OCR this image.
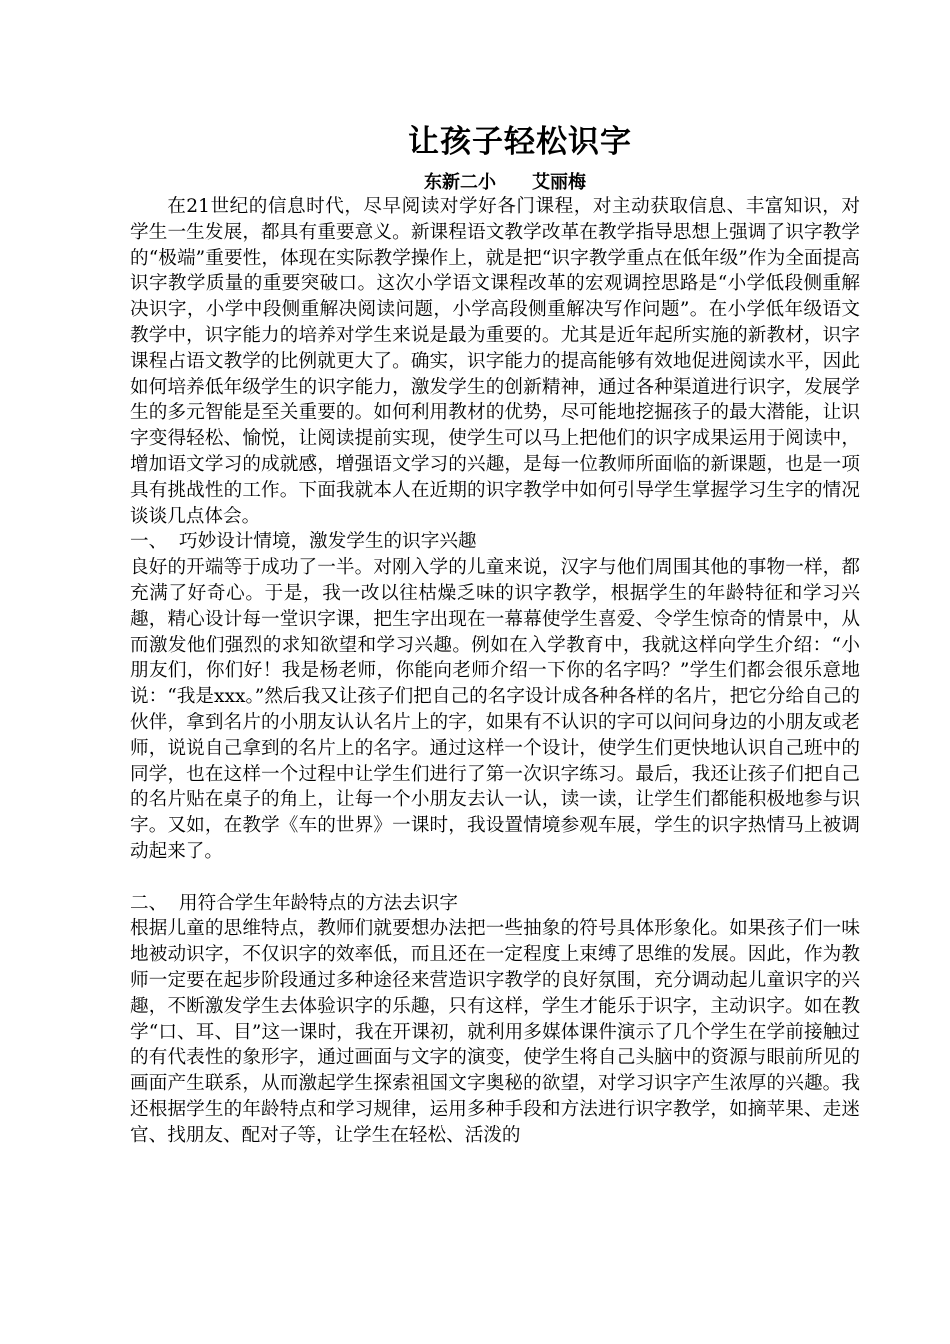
让孩子轻松识字
东新二小 艾丽梅

在21世纪的信息时代，尽早阅读对学好各门课程，对主动获取信息、丰富知识，对学生一生发展，都具有重要意义。新课程语文教学改革在教学指导思想上强调了识字教学的“极端”重要性，体现在实际教学操作上，就是把“识字教学重点在低年级”作为全面提高识字教学质量的重要突破口。这次小学语文课程改革的宏观调控思路是“小学低段侧重解决识字，小学中段侧重解决阅读问题，小学高段侧重解决写作问题”。在小学低年级语文教学中，识字能力的培养对学生来说是最为重要的。尤其是近年起所实施的新教材，识字课程占语文教学的比例就更大了。确实，识字能力的提高能够有效地促进阅读水平，因此如何培养低年级学生的识字能力，激发学生的创新精神，通过各种渠道进行识字，发展学生的多元智能是至关重要的。如何利用教材的优势，尽可能地挖掘孩子的最大潜能，让识字变得轻松、愉悦，让阅读提前实现，使学生可以马上把他们的识字成果运用于阅读中，增加语文学习的成就感，增强语文学习的兴趣，是每一位教师所面临的新课题，也是一项具有挑战性的工作。下面我就本人在近期的识字教学中如何引导学生掌握学习生字的情况谈谈几点体会。

一、  巧妙设计情境，激发学生的识字兴趣

良好的开端等于成功了一半。对刚入学的儿童来说，汉字与他们周围其他的事物一样，都充满了好奇心。于是，我一改以往枯燥乏味的识字教学，根据学生的年龄特征和学习兴趣，精心设计每一堂识字课，把生字出现在一幕幕使学生喜爱、令学生惊奇的情景中，从而激发他们强烈的求知欲望和学习兴趣。例如在入学教育中，我就这样向学生介绍：“小朋友们，你们好！我是杨老师，你能向老师介绍一下你的名字吗？”学生们都会很乐意地说：“我是xxx。”然后我又让孩子们把自己的名字设计成各种各样的名片，把它分给自己的伙伴，拿到名片的小朋友认认名片上的字，如果有不认识的字可以问问身边的小朋友或老师，说说自己拿到的名片上的名字。通过这样一个设计，使学生们更快地认识自己班中的同学，也在这样一个过程中让学生们进行了第一次识字练习。最后，我还让孩子们把自己的名片贴在桌子的角上，让每一个小朋友去认一认，读一读，让学生们都能积极地参与识字。又如，在教学《车的世界》一课时，我设置情境参观车展，学生的识字热情马上被调动起来了。

二、  用符合学生年龄特点的方法去识字

根据儿童的思维特点，教师们就要想办法把一些抽象的符号具体形象化。如果孩子们一味地被动识字，不仅识字的效率低，而且还在一定程度上束缚了思维的发展。因此，作为教师一定要在起步阶段通过多种途径来营造识字教学的良好氛围，充分调动起儿童识字的兴趣，不断激发学生去体验识字的乐趣，只有这样，学生才能乐于识字，主动识字。如在教学“口、耳、目”这一课时，我在开课初，就利用多媒体课件演示了几个学生在学前接触过的有代表性的象形字，通过画面与文字的演变，使学生将自己头脑中的资源与眼前所见的画面产生联系，从而激起学生探索祖国文字奥秘的欲望，对学习识字产生浓厚的兴趣。我还根据学生的年龄特点和学习规律，运用多种手段和方法进行识字教学，如摘苹果、走迷官、找朋友、配对子等，让学生在轻松、活泼的
